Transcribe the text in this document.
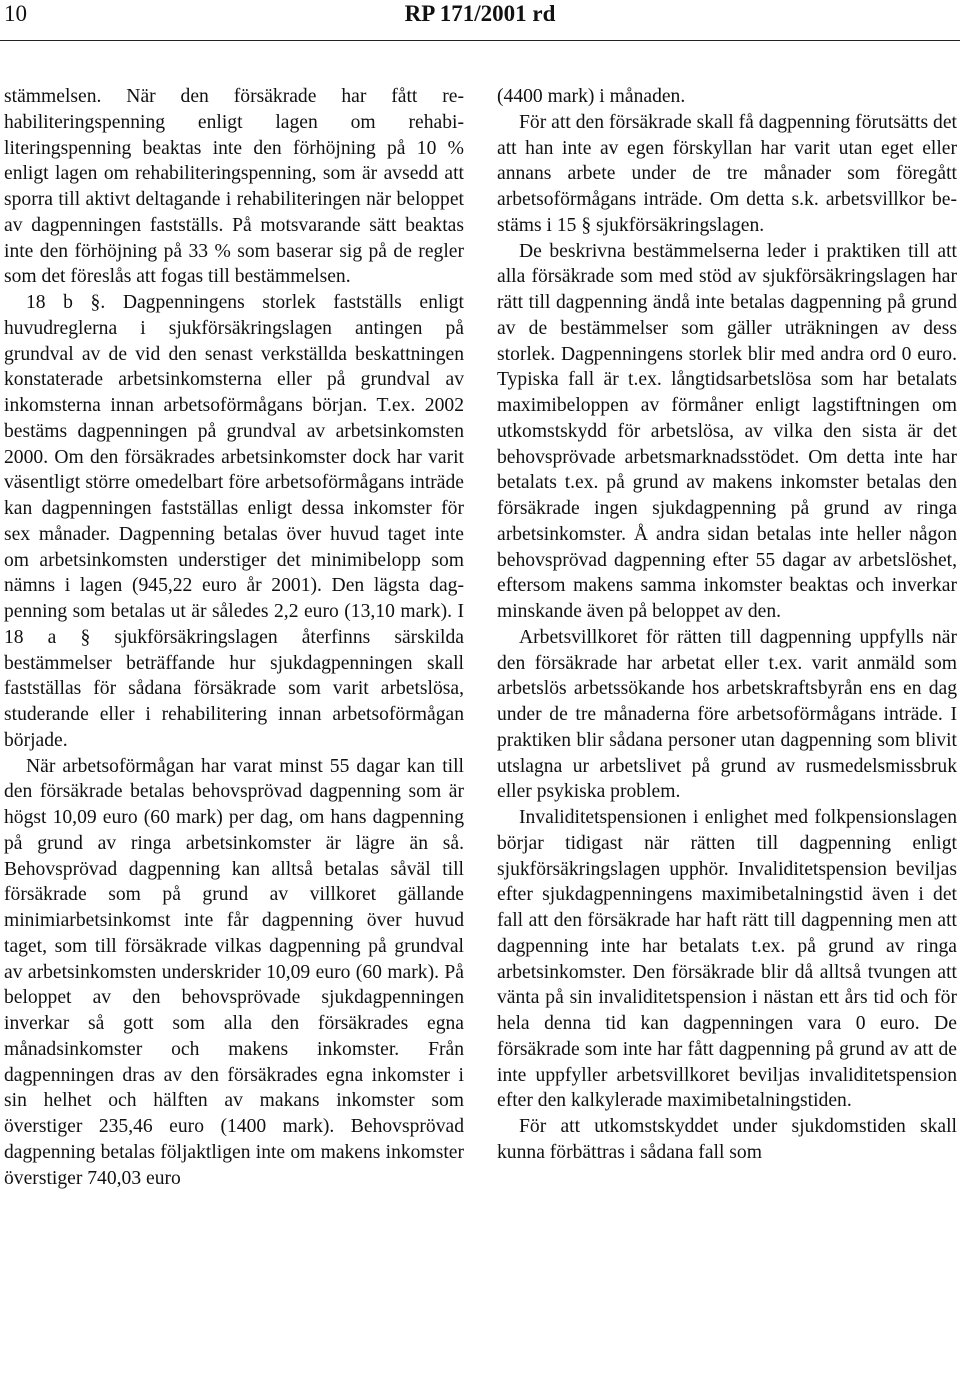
10	RP 171/2001 rd

stämmelsen. När den försäkrade har fått rehabiliteringspenning enligt lagen om rehabiliteringspenning beaktas inte den förhöjning på 10 % enligt lagen om rehabiliteringspenning, som är avsedd att sporra till aktivt deltagande i rehabiliteringen när beloppet av dagpenningen fastställs. På motsvarande sätt beaktas inte den förhöjning på 33 % som baserar sig på de regler som det föreslås att fogas till bestämmelsen.

18 b §. Dagpenningens storlek fastställs enligt huvudreglerna i sjukförsäkringslagen antingen på grundval av de vid den senast verkställda beskattningen konstaterade arbetsinkomsterna eller på grundval av inkomsterna innan arbetsoförmågans början. T.ex. 2002 bestäms dagpenningen på grundval av arbetsinkomsten 2000. Om den försäkrades arbetsinkomster dock har varit väsentligt större omedelbart före arbetsoförmågans inträde kan dagpenningen fastställas enligt dessa inkomster för sex månader. Dagpenning betalas över huvud taget inte om arbetsinkomsten understiger det minimibelopp som nämns i lagen (945,22 euro år 2001). Den lägsta dagpenning som betalas ut är således 2,2 euro (13,10 mark). I 18 a § sjukförsäkringslagen återfinns särskilda bestämmelser beträffande hur sjukdagpenningen skall fastställas för sådana försäkrade som varit arbetslösa, studerande eller i rehabilitering innan arbetsoförmågan började.

När arbetsoförmågan har varat minst 55 dagar kan till den försäkrade betalas behovsprövad dagpenning som är högst 10,09 euro (60 mark) per dag, om hans dagpenning på grund av ringa arbetsinkomster är lägre än så. Behovsprövad dagpenning kan alltså betalas såväl till försäkrade som på grund av villkoret gällande minimiarbetsinkomst inte får dagpenning över huvud taget, som till försäkrade vilkas dagpenning på grundval av arbetsinkomsten underskrider 10,09 euro (60 mark). På beloppet av den behovsprövade sjukdagpenningen inverkar så gott som alla den försäkrades egna månadsinkomster och makens inkomster. Från dagpenningen dras av den försäkrades egna inkomster i sin helhet och hälften av makans inkomster som överstiger 235,46 euro (1400 mark). Behovsprövad dagpenning betalas följaktligen inte om makens inkomster överstiger 740,03 euro

(4400 mark) i månaden.

För att den försäkrade skall få dagpenning förutsätts det att han inte av egen förskyllan har varit utan eget eller annans arbete under de tre månader som föregått arbetsoförmågans inträde. Om detta s.k. arbetsvillkor bestäms i 15 § sjukförsäkringslagen.

De beskrivna bestämmelserna leder i praktiken till att alla försäkrade som med stöd av sjukförsäkringslagen har rätt till dagpenning ändå inte betalas dagpenning på grund av de bestämmelser som gäller uträkningen av dess storlek. Dagpenningens storlek blir med andra ord 0 euro. Typiska fall är t.ex. långtidsarbetslösa som har betalats maximibeloppen av förmåner enligt lagstiftningen om utkomstskydd för arbetslösa, av vilka den sista är det behovsprövade arbetsmarknadsstödet. Om detta inte har betalats t.ex. på grund av makens inkomster betalas den försäkrade ingen sjukdagpenning på grund av ringa arbetsinkomster. Å andra sidan betalas inte heller någon behovsprövad dagpenning efter 55 dagar av arbetslöshet, eftersom makens samma inkomster beaktas och inverkar minskande även på beloppet av den.

Arbetsvillkoret för rätten till dagpenning uppfylls när den försäkrade har arbetat eller t.ex. varit anmäld som arbetslös arbetssökande hos arbetskraftsbyrån ens en dag under de tre månaderna före arbetsoförmågans inträde. I praktiken blir sådana personer utan dagpenning som blivit utslagna ur arbetslivet på grund av rusmedelsmissbruk eller psykiska problem.

Invaliditetspensionen i enlighet med folkpensionslagen börjar tidigast när rätten till dagpenning enligt sjukförsäkringslagen upphör. Invaliditetspension beviljas efter sjukdagpenningens maximibetalningstid även i det fall att den försäkrade har haft rätt till dagpenning men att dagpenning inte har betalats t.ex. på grund av ringa arbetsinkomster. Den försäkrade blir då alltså tvungen att vänta på sin invaliditetspension i nästan ett års tid och för hela denna tid kan dagpenningen vara 0 euro. De försäkrade som inte har fått dagpenning på grund av att de inte uppfyller arbetsvillkoret beviljas invaliditetspension efter den kalkylerade maximibetalningstiden.

För att utkomstskyddet under sjukdomstiden skall kunna förbättras i sådana fall som
